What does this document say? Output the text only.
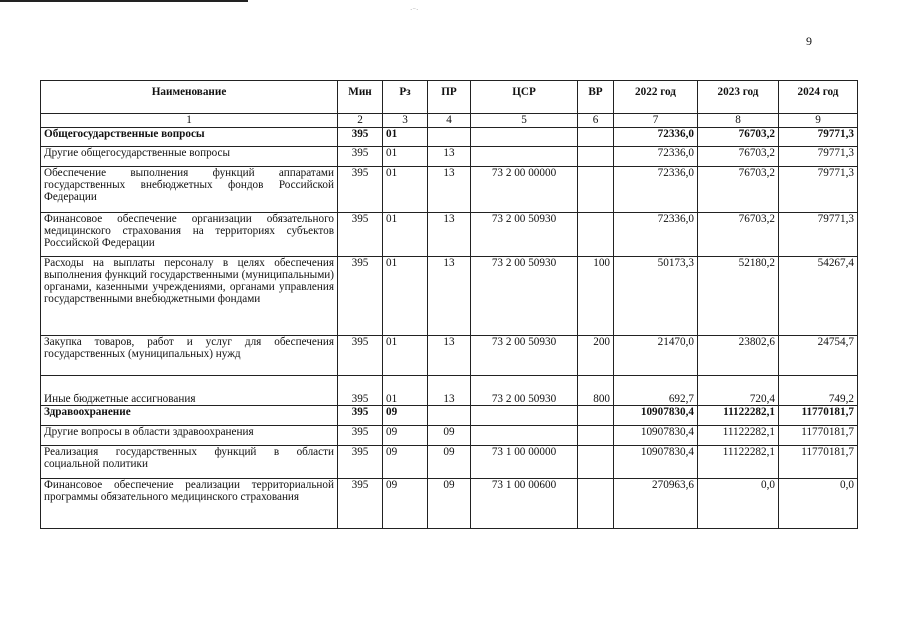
9
·⁻·
Наименование	Мин	Рз	ПР	ЦСР	ВР	2022 год	2023 год	2024 год
1	2	3	4	5	6	7	8	9
Общегосударственные вопросы	395	01				72336,0	76703,2	79771,3
Другие общегосударственные вопросы	395	01	13			72336,0	76703,2	79771,3
Обеспечение выполнения функций аппаратами государственных внебюджетных фондов Российской Федерации	395	01	13	73 2 00 00000		72336,0	76703,2	79771,3
Финансовое обеспечение организации обязательного медицинского страхования на территориях субъектов Российской Федерации	395	01	13	73 2 00 50930		72336,0	76703,2	79771,3
Расходы на выплаты персоналу в целях обеспечения выполнения функций государственными (муниципальными) органами, казенными учреждениями, органами управления государственными внебюджетными фондами	395	01	13	73 2 00 50930	100	50173,3	52180,2	54267,4
Закупка товаров, работ и услуг для обеспечения государственных (муниципальных) нужд	395	01	13	73 2 00 50930	200	21470,0	23802,6	24754,7
Иные бюджетные ассигнования	395	01	13	73 2 00 50930	800	692,7	720,4	749,2
Здравоохранение	395	09				10907830,4	11122282,1	11770181,7
Другие вопросы в области здравоохранения	395	09	09			10907830,4	11122282,1	11770181,7
Реализация государственных функций в области социальной политики	395	09	09	73 1 00 00000		10907830,4	11122282,1	11770181,7
Финансовое обеспечение реализации территориальной программы обязательного медицинского страхования	395	09	09	73 1 00 00600		270963,6	0,0	0,0
